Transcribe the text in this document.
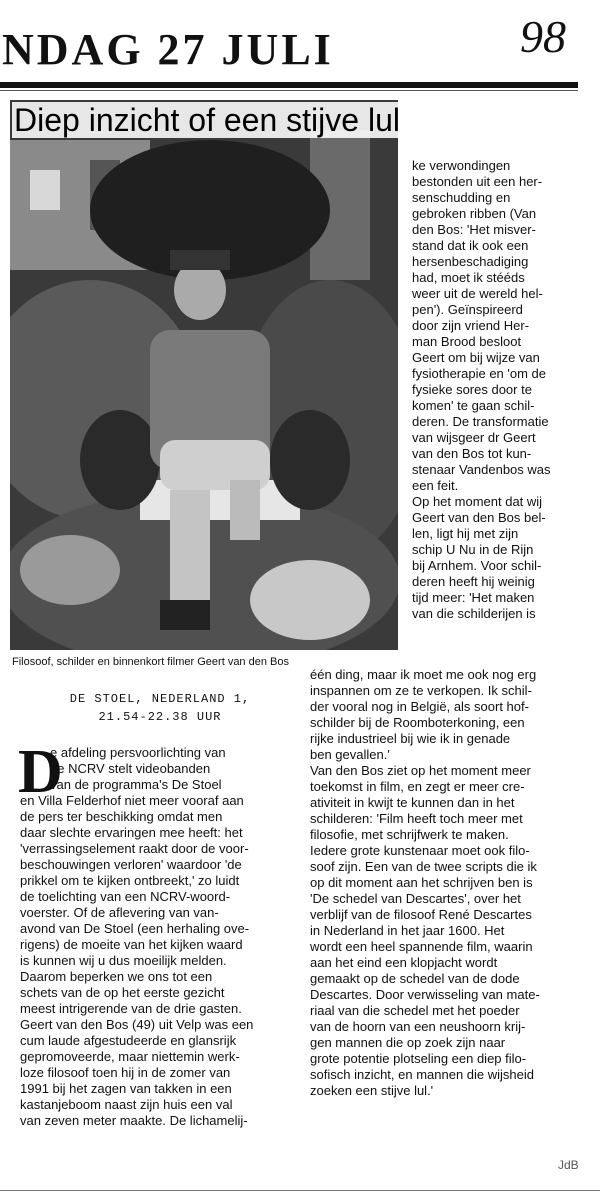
NDAG 27 JULI	98
Diep inzicht of een stijve lul
Filosoof, schilder en binnenkort filmer Geert van den Bos
DE STOEL, NEDERLAND 1,
21.54-22.38 UUR
ke verwondingen
bestonden uit een her-
senschudding en
gebroken ribben (Van
den Bos: 'Het misver-
stand dat ik ook een
hersenbeschadiging
had, moet ik stééds
weer uit de wereld hel-
pen'). Geïnspireerd
door zijn vriend Her-
man Brood besloot
Geert om bij wijze van
fysiotherapie en 'om de
fysieke sores door te
komen' te gaan schil-
deren. De transformatie
van wijsgeer dr Geert
van den Bos tot kun-
stenaar Vandenbos was
een feit.
Op het moment dat wij
Geert van den Bos bel-
len, ligt hij met zijn
schip U Nu in de Rijn
bij Arnhem. Voor schil-
deren heeft hij weinig
tijd meer: 'Het maken
van die schilderijen is
één ding, maar ik moet me ook nog erg
inspannen om ze te verkopen. Ik schil-
der vooral nog in België, als soort hof-
schilder bij de Roomboterkoning, een
rijke industrieel bij wie ik in genade
ben gevallen.'
Van den Bos ziet op het moment meer
toekomst in film, en zegt er meer cre-
ativiteit in kwijt te kunnen dan in het
schilderen: 'Film heeft toch meer met
filosofie, met schrijfwerk te maken.
Iedere grote kunstenaar moet ook filo-
soof zijn. Een van de twee scripts die ik
op dit moment aan het schrijven ben is
'De schedel van Descartes', over het
verblijf van de filosoof René Descartes
in Nederland in het jaar 1600. Het
wordt een heel spannende film, waarin
aan het eind een klopjacht wordt
gemaakt op de schedel van de dode
Descartes. Door verwisseling van mate-
riaal van die schedel met het poeder
van de hoorn van een neushoorn krij-
gen mannen die op zoek zijn naar
grote potentie plotseling een diep filo-
sofisch inzicht, en mannen die wijsheid
zoeken een stijve lul.'
D
e afdeling persvoorlichting van
de NCRV stelt videobanden
van de programma's De Stoel
en Villa Felderhof niet meer vooraf aan
de pers ter beschikking omdat men
daar slechte ervaringen mee heeft: het
'verrassingselement raakt door de voor-
beschouwingen verloren' waardoor 'de
prikkel om te kijken ontbreekt,' zo luidt
de toelichting van een NCRV-woord-
voerster. Of de aflevering van van-
avond van De Stoel (een herhaling ove-
rigens) de moeite van het kijken waard
is kunnen wij u dus moeilijk melden.
Daarom beperken we ons tot een
schets van de op het eerste gezicht
meest intrigerende van de drie gasten.
Geert van den Bos (49) uit Velp was een
cum laude afgestudeerde en glansrijk
gepromoveerde, maar niettemin werk-
loze filosoof toen hij in de zomer van
1991 bij het zagen van takken in een
kastanjeboom naast zijn huis een val
van zeven meter maakte. De lichamelij-
JdB
